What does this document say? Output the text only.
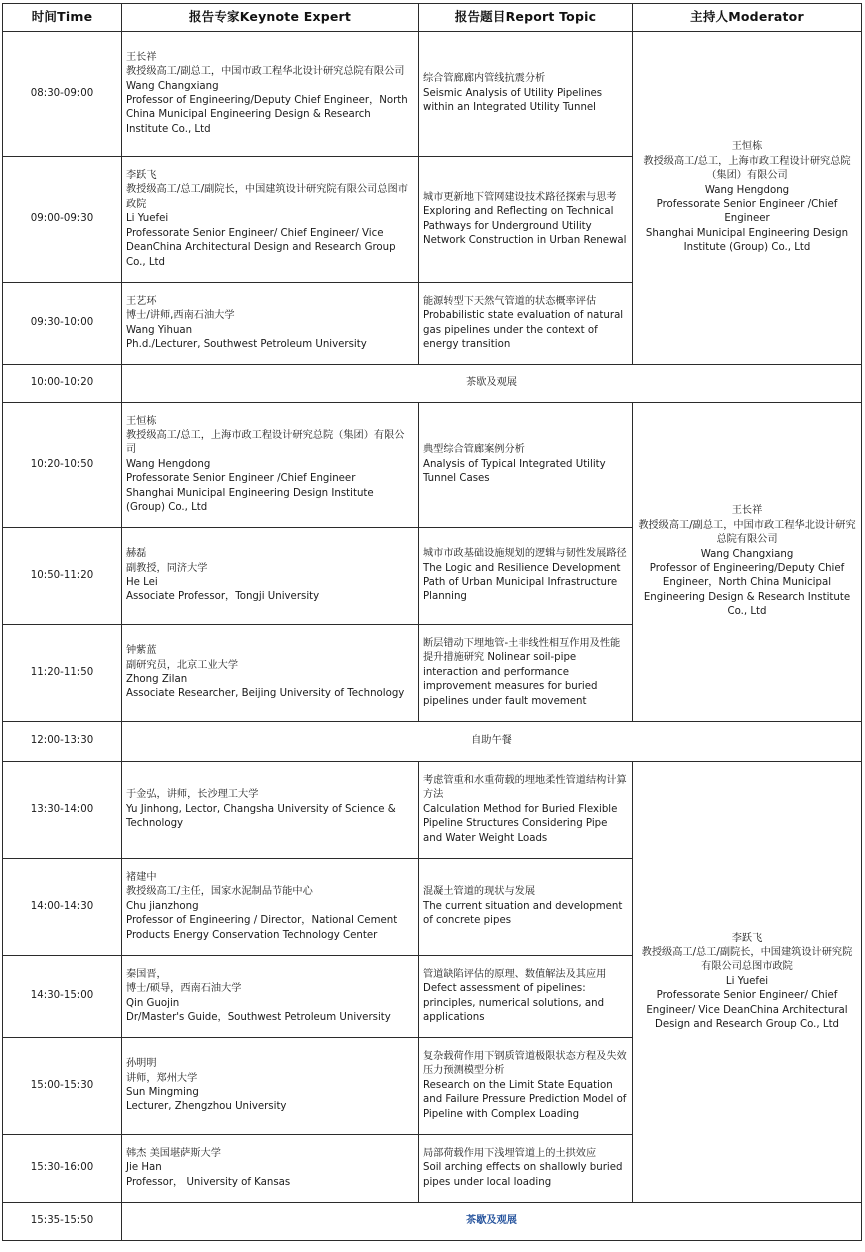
时间Time	报告专家Keynote Expert	报告题目Report Topic	主持人Moderator
08:30-09:00	王长祥
教授级高工/副总工，中国市政工程华北设计研究总院有限公司
Wang Changxiang
Professor of Engineering/Deputy Chief Engineer，North China Municipal Engineering Design & Research Institute Co., Ltd	综合管廊廊内管线抗震分析
Seismic Analysis of Utility Pipelines within an Integrated Utility Tunnel	王恒栋
教授级高工/总工，上海市政工程设计研究总院（集团）有限公司
Wang Hengdong
Professorate Senior Engineer /Chief Engineer
Shanghai Municipal Engineering Design Institute (Group) Co., Ltd

09:00-09:30	李跃飞
教授级高工/总工/副院长，中国建筑设计研究院有限公司总图市政院
Li Yuefei
Professorate Senior Engineer/ Chief Engineer/ Vice DeanChina Architectural Design and Research Group Co., Ltd	城市更新地下管网建设技术路径探索与思考
Exploring and Reflecting on Technical Pathways for Underground Utility Network Construction in Urban Renewal	

09:30-10:00	王艺环
博士/讲师,西南石油大学
Wang Yihuan
Ph.d./Lecturer, Southwest Petroleum University	能源转型下天然气管道的状态概率评估
Probabilistic state evaluation of natural gas pipelines under the context of energy transition	

10:00-10:20	茶歇及观展		
10:20-10:50	王恒栋
教授级高工/总工，上海市政工程设计研究总院（集团）有限公司
Wang Hengdong
Professorate Senior Engineer /Chief Engineer
Shanghai Municipal Engineering Design Institute (Group) Co., Ltd	典型综合管廊案例分析
Analysis of Typical Integrated Utility Tunnel Cases	王长祥
教授级高工/副总工，中国市政工程华北设计研究总院有限公司
Wang Changxiang
Professor of Engineering/Deputy Chief Engineer，North China Municipal Engineering Design & Research Institute Co., Ltd

10:50-11:20	赫磊
副教授，同济大学
He Lei
Associate Professor，Tongji University	城市市政基础设施规划的逻辑与韧性发展路径
The Logic and Resilience Development Path of Urban Municipal Infrastructure Planning	

11:20-11:50	钟紫蓝
副研究员，北京工业大学
Zhong Zilan
Associate Researcher, Beijing University of Technology	断层错动下埋地管-土非线性相互作用及性能提升措施研究 Nolinear soil-pipe interaction and performance improvement measures for buried pipelines under fault movement	

12:00-13:30	自助午餐		
13:30-14:00	于金弘，讲师，长沙理工大学
Yu Jinhong, Lector, Changsha University of Science & Technology	考虑管重和水重荷载的埋地柔性管道结构计算方法
Calculation Method for Buried Flexible Pipeline Structures Considering Pipe and Water Weight Loads	李跃飞
教授级高工/总工/副院长，中国建筑设计研究院有限公司总图市政院
Li Yuefei
Professorate Senior Engineer/ Chief Engineer/ Vice DeanChina Architectural Design and Research Group Co., Ltd

14:00-14:30	褚建中
教授级高工/主任，国家水泥制品节能中心
Chu jianzhong
Professor of Engineering / Director，National Cement Products Energy Conservation Technology Center	混凝土管道的现状与发展
The current situation and development of concrete pipes	

14:30-15:00	秦国晋，
博士/硕导，西南石油大学
Qin Guojin
Dr/Master's Guide，Southwest Petroleum University	管道缺陷评估的原理、数值解法及其应用
Defect assessment of pipelines: principles, numerical solutions, and applications	

15:00-15:30	孙明明
讲师，郑州大学
Sun Mingming
Lecturer, Zhengzhou University	复杂载荷作用下钢质管道极限状态方程及失效压力预测模型分析
Research on the Limit State Equation and Failure Pressure Prediction Model of Pipeline with Complex Loading	

15:30-16:00	韩杰 美国堪萨斯大学
Jie Han
Professor， University of Kansas	局部荷载作用下浅埋管道上的土拱效应
Soil arching effects on shallowly buried pipes under local loading	

15:35-15:50	茶歇及观展		
